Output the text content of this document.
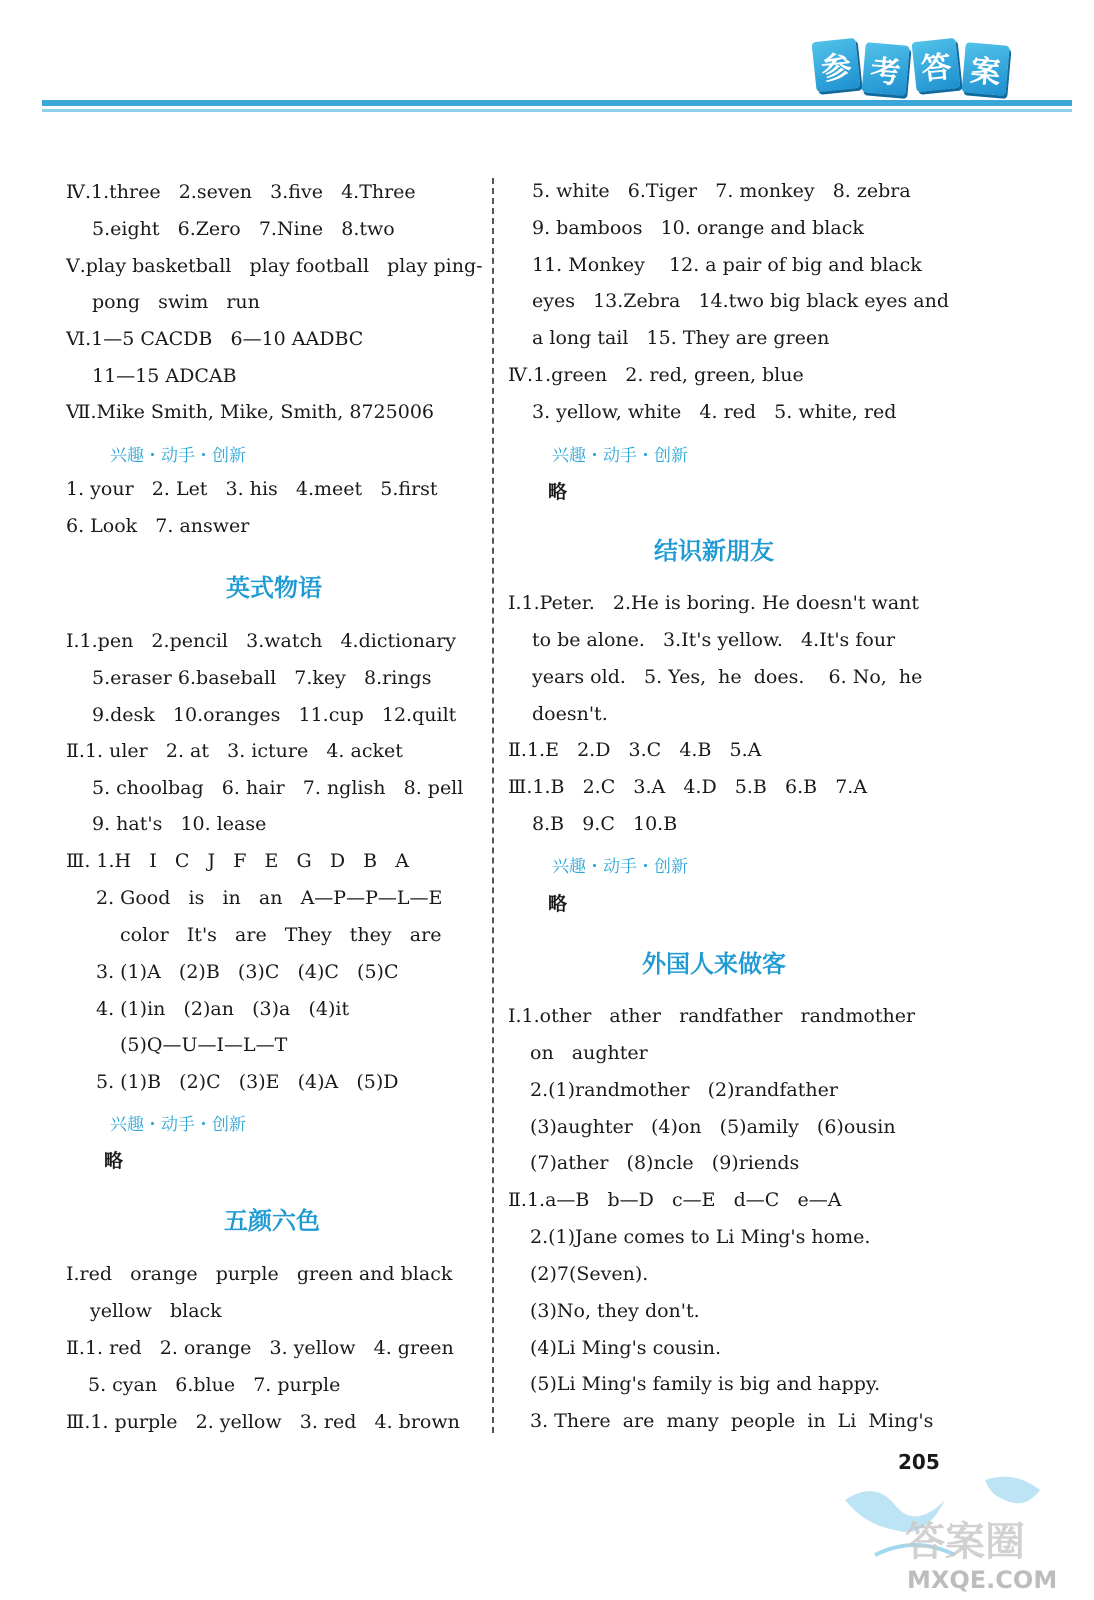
参 考 答 案
Ⅳ.1.three   2.seven   3.five   4.Three
5.eight   6.Zero   7.Nine   8.two
Ⅴ.play basketball   play football   play ping-
pong   swim   run
Ⅵ.1—5 CACDB   6—10 AADBC
11—15 ADCAB
Ⅶ.Mike Smith, Mike, Smith, 8725006
兴趣・动手・创新
1. your   2. Let   3. his   4.meet   5.first
6. Look   7. answer
英式物语
Ⅰ.1.pen   2.pencil   3.watch   4.dictionary
5.eraser 6.baseball   7.key   8.rings
9.desk   10.oranges   11.cup   12.quilt
Ⅱ.1. uler   2. at   3. icture   4. acket
5. choolbag   6. hair   7. nglish   8. pell
9. hat's   10. lease
Ⅲ. 1.H   I   C   J   F   E   G   D   B   A
2. Good   is   in   an   A—P—P—L—E
color   It's   are   They   they   are
3. (1)A   (2)B   (3)C   (4)C   (5)C
4. (1)in   (2)an   (3)a   (4)it
(5)Q—U—I—L—T
5. (1)B   (2)C   (3)E   (4)A   (5)D
兴趣・动手・创新
略
五颜六色
Ⅰ.red   orange   purple   green and black
yellow   black
Ⅱ.1. red   2. orange   3. yellow   4. green
5. cyan   6.blue   7. purple
Ⅲ.1. purple   2. yellow   3. red   4. brown
5. white   6.Tiger   7. monkey   8. zebra
9. bamboos   10. orange and black
11. Monkey    12. a pair of big and black
eyes   13.Zebra   14.two big black eyes and
a long tail   15. They are green
Ⅳ.1.green   2. red, green, blue
3. yellow, white   4. red   5. white, red
兴趣・动手・创新
略
结识新朋友
Ⅰ.1.Peter.   2.He is boring. He doesn't want
to be alone.   3.It's yellow.   4.It's four
years old.   5. Yes,  he  does.    6. No,  he
doesn't.
Ⅱ.1.E   2.D   3.C   4.B   5.A
Ⅲ.1.B   2.C   3.A   4.D   5.B   6.B   7.A
8.B   9.C   10.B
兴趣・动手・创新
略
外国人来做客
Ⅰ.1.other   ather   randfather   randmother
on   aughter
2.(1)randmother   (2)randfather
(3)aughter   (4)on   (5)amily   (6)ousin
(7)ather   (8)ncle   (9)riends
Ⅱ.1.a—B   b—D   c—E   d—C   e—A
2.(1)Jane comes to Li Ming's home.
(2)7(Seven).
(3)No, they don't.
(4)Li Ming's cousin.
(5)Li Ming's family is big and happy.
3. There  are  many  people  in  Li  Ming's
205
答案圈
MXQE.COM
